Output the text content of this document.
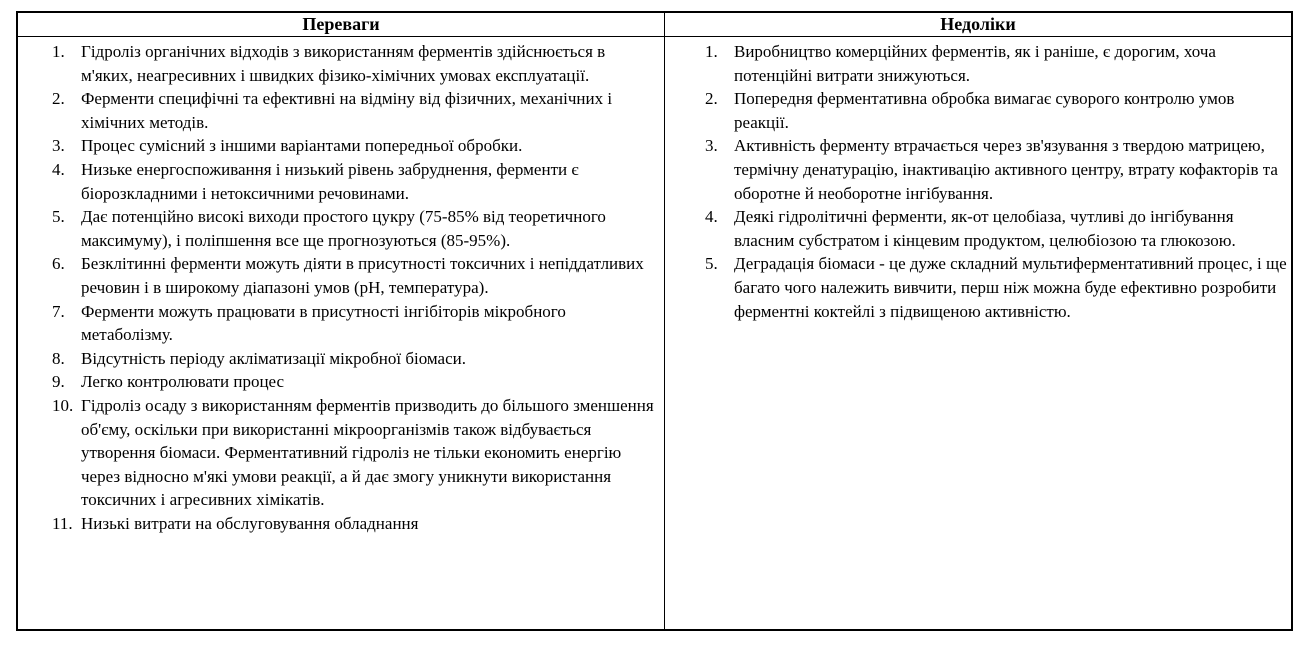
Переваги
1. Гідроліз органічних відходів з використанням ферментів здійснюється в м'яких, неагресивних і швидких фізико-хімічних умовах експлуатації.
2. Ферменти специфічні та ефективні на відміну від фізичних, механічних і хімічних методів.
3. Процес сумісний з іншими варіантами попередньої обробки.
4. Низьке енергоспоживання і низький рівень забруднення, ферменти є біорозкладними і нетоксичними речовинами.
5. Дає потенційно високі виходи простого цукру (75-85% від теоретичного максимуму), і поліпшення все ще прогнозуються (85-95%).
6. Безклітинні ферменти можуть діяти в присутності токсичних і непіддатливих речовин і в широкому діапазоні умов (pH, температура).
7. Ферменти можуть працювати в присутності інгібіторів мікробного метаболізму.
8. Відсутність періоду акліматизації мікробної біомаси.
9. Легко контролювати процес
10. Гідроліз осаду з використанням ферментів призводить до більшого зменшення об'єму, оскільки при використанні мікроорганізмів також відбувається утворення біомаси. Ферментативний гідроліз не тільки економить енергію через відносно м'які умови реакції, а й дає змогу уникнути використання токсичних і агресивних хімікатів.
11. Низькі витрати на обслуговування обладнання
Недоліки
1. Виробництво комерційних ферментів, як і раніше, є дорогим, хоча потенційні витрати знижуються.
2. Попередня ферментативна обробка вимагає суворого контролю умов реакції.
3. Активність ферменту втрачається через зв'язування з твердою матрицею, термічну денатурацію, інактивацію активного центру, втрату кофакторів та оборотне й необоротне інгібування.
4. Деякі гідролітичні ферменти, як-от целобіаза, чутливі до інгібування власним субстратом і кінцевим продуктом, целюбіозою та глюкозою.
5. Деградація біомаси - це дуже складний мультиферментативний процес, і ще багато чого належить вивчити, перш ніж можна буде ефективно розробити ферментні коктейлі з підвищеною активністю.
